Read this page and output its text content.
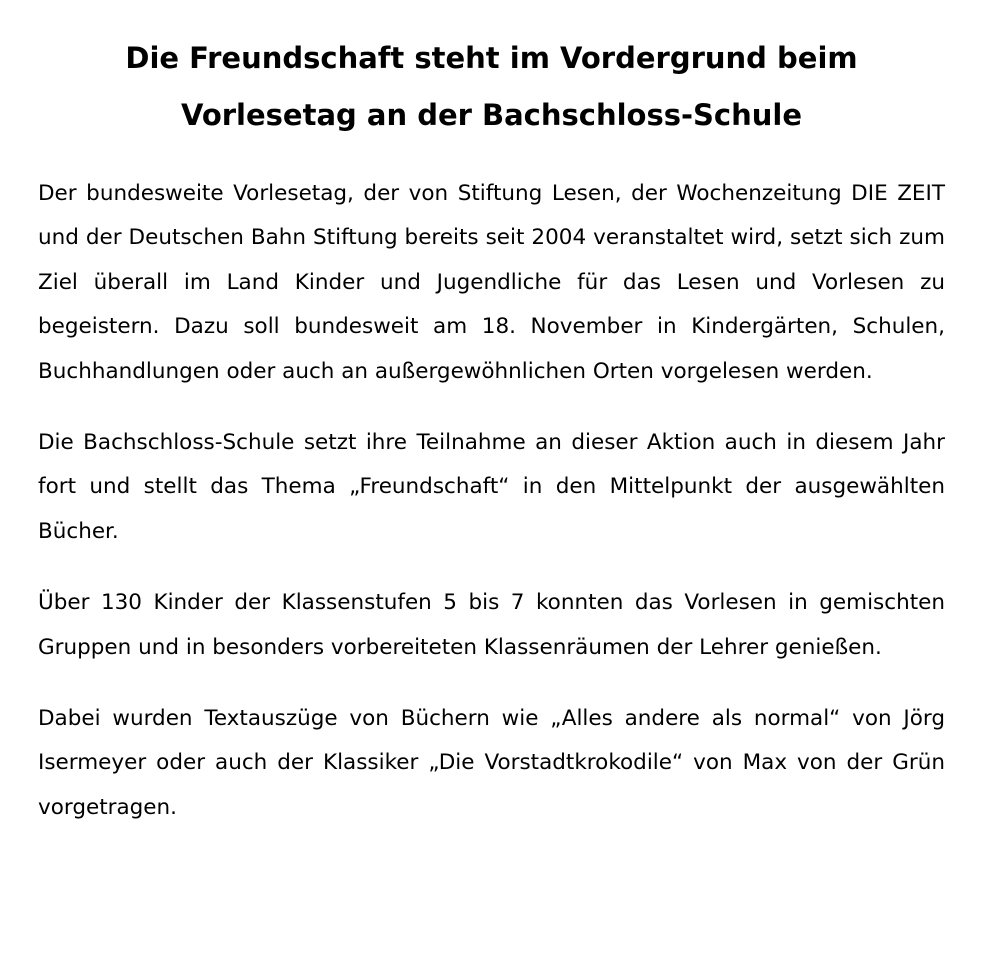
Die Freundschaft steht im Vordergrund beim
Vorlesetag an der Bachschloss-Schule

Der bundesweite Vorlesetag, der von Stiftung Lesen, der Wochenzeitung DIE ZEIT und der Deutschen Bahn Stiftung bereits seit 2004 veranstaltet wird, setzt sich zum Ziel überall im Land Kinder und Jugendliche für das Lesen und Vorlesen zu begeistern. Dazu soll bundesweit am 18. November in Kindergärten, Schulen, Buchhandlungen oder auch an außergewöhnlichen Orten vorgelesen werden.

Die Bachschloss-Schule setzt ihre Teilnahme an dieser Aktion auch in diesem Jahr fort und stellt das Thema „Freundschaft“ in den Mittelpunkt der ausgewählten Bücher.

Über 130 Kinder der Klassenstufen 5 bis 7 konnten das Vorlesen in gemischten Gruppen und in besonders vorbereiteten Klassenräumen der Lehrer genießen.

Dabei wurden Textauszüge von Büchern wie „Alles andere als normal“ von Jörg Isermeyer oder auch der Klassiker „Die Vorstadtkrokodile“ von Max von der Grün vorgetragen.
